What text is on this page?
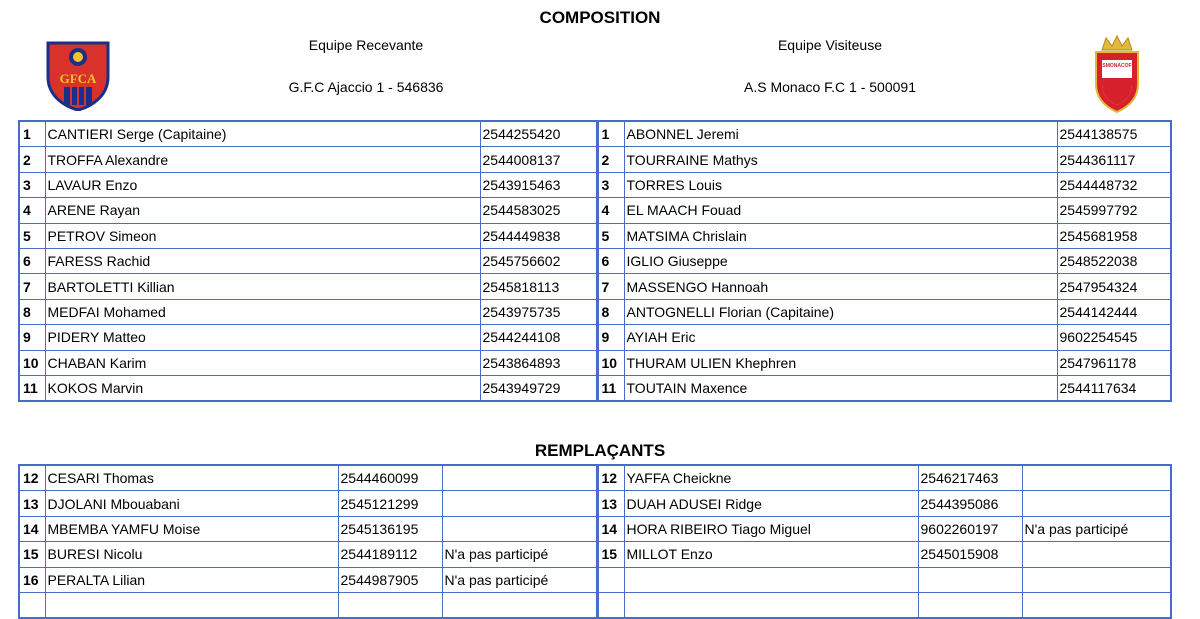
COMPOSITION
Equipe Recevante	Equipe Visiteuse
G.F.C Ajaccio 1 - 546836	A.S Monaco F.C 1 - 500091
GFCA
ASMONACOFC
1	CANTIERI Serge (Capitaine)	2544255420	1	ABONNEL Jeremi	2544138575
2	TROFFA Alexandre	2544008137	2	TOURRAINE Mathys	2544361117
3	LAVAUR Enzo	2543915463	3	TORRES Louis	2544448732
4	ARENE Rayan	2544583025	4	EL MAACH Fouad	2545997792
5	PETROV Simeon	2544449838	5	MATSIMA Chrislain	2545681958
6	FARESS Rachid	2545756602	6	IGLIO Giuseppe	2548522038
7	BARTOLETTI Killian	2545818113	7	MASSENGO Hannoah	2547954324
8	MEDFAI Mohamed	2543975735	8	ANTOGNELLI Florian (Capitaine)	2544142444
9	PIDERY Matteo	2544244108	9	AYIAH Eric	9602254545
10	CHABAN Karim	2543864893	10	THURAM ULIEN Khephren	2547961178
11	KOKOS Marvin	2543949729	11	TOUTAIN Maxence	2544117634
REMPLAÇANTS
12	CESARI Thomas	2544460099		12	YAFFA Cheickne	2546217463	
13	DJOLANI Mbouabani	2545121299		13	DUAH ADUSEI Ridge	2544395086	
14	MBEMBA YAMFU Moise	2545136195		14	HORA RIBEIRO Tiago Miguel	9602260197	N'a pas participé
15	BURESI Nicolu	2544189112	N'a pas participé	15	MILLOT Enzo	2545015908	
16	PERALTA Lilian	2544987905	N'a pas participé				
